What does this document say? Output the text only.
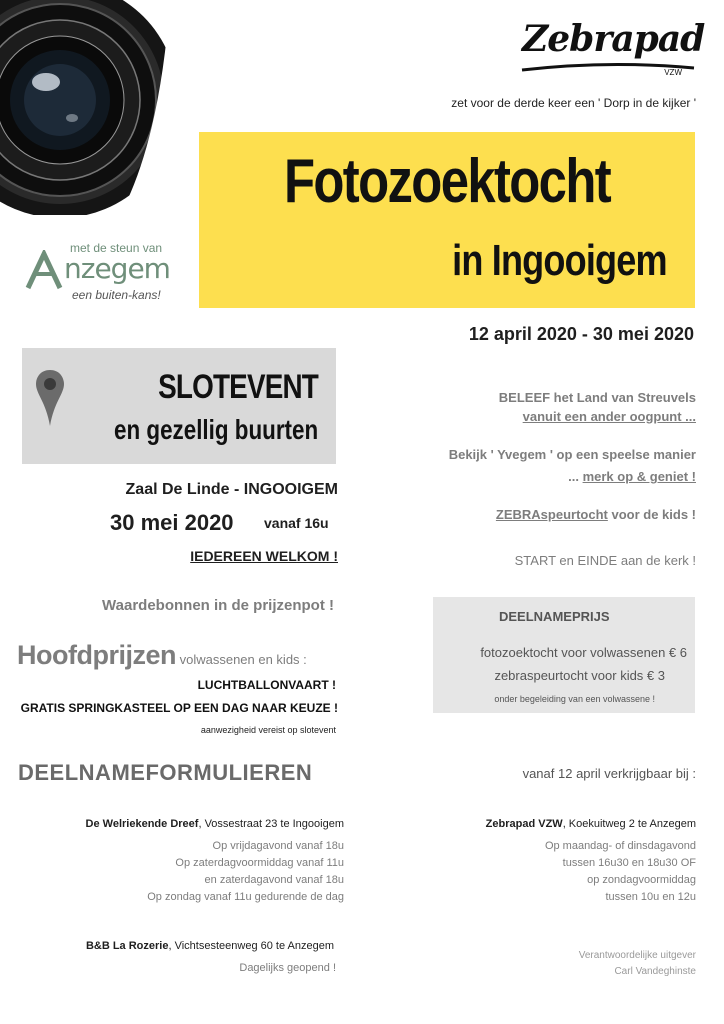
Zebrapad
VZW
zet voor de derde keer een ' Dorp in de kijker '
Fotozoektocht
in Ingooigem
met de steun van
nzegem
een buiten-kans!
12 april 2020 - 30 mei 2020
SLOTEVENT
en gezellig buurten
Zaal De Linde - INGOOIGEM
30 mei 2020 vanaf 16u
IEDEREEN WELKOM !
Waardebonnen in de prijzenpot !
Hoofdprijzen volwassenen en kids :
LUCHTBALLONVAART !
GRATIS SPRINGKASTEEL OP EEN DAG NAAR KEUZE !
aanwezigheid vereist op slotevent
DEELNAMEFORMULIEREN
De Welriekende Dreef, Vossestraat 23 te Ingooigem
Op vrijdagavond vanaf 18u
Op zaterdagvoormiddag vanaf 11u
en zaterdagavond vanaf 18u
Op zondag vanaf 11u gedurende de dag
B&B La Rozerie, Vichtsesteenweg 60 te Anzegem
Dagelijks geopend !
BELEEF het Land van Streuvels
vanuit een ander oogpunt ...
Bekijk ' Yvegem ' op een speelse manier
... merk op & geniet !
ZEBRAspeurtocht voor de kids !
START en EINDE aan de kerk !
DEELNAMEPRIJS
fotozoektocht voor volwassenen € 6
zebraspeurtocht voor kids € 3
onder begeleiding van een volwassene !
vanaf 12 april verkrijgbaar bij :
Zebrapad VZW, Koekuitweg 2 te Anzegem
Op maandag- of dinsdagavond
tussen 16u30 en 18u30 OF
op zondagvoormiddag
tussen 10u en 12u
Verantwoordelijke uitgever
Carl Vandeghinste
